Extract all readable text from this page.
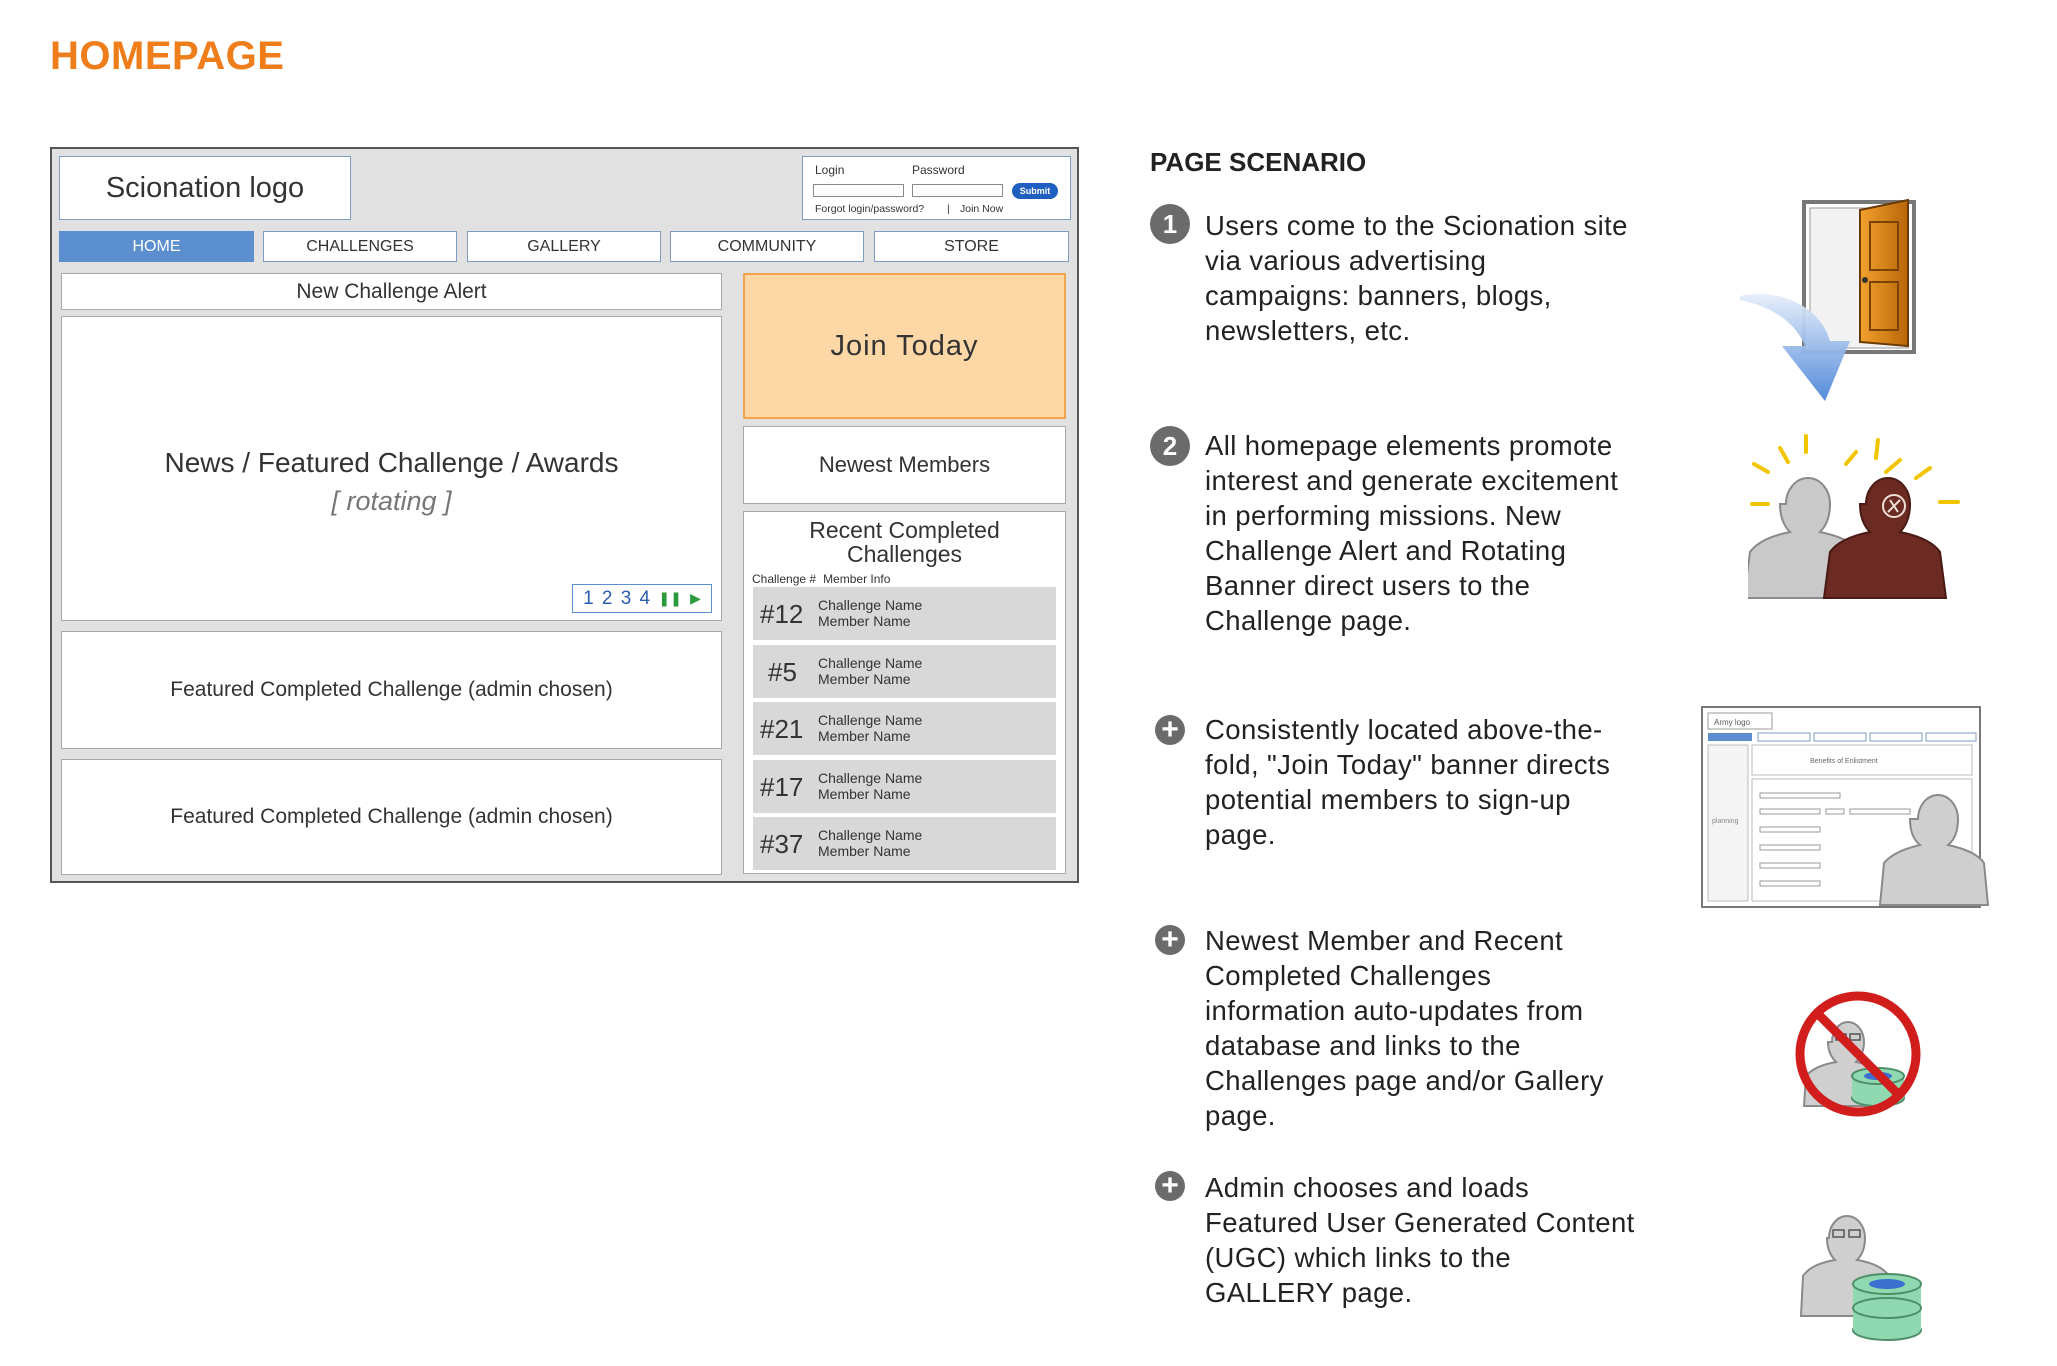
HOMEPAGE
Scionation logo
Login	Password
Submit
Forgot login/password? | Join Now
HOME	CHALLENGES	GALLERY	COMMUNITY	STORE
New Challenge Alert
News / Featured Challenge / Awards
[ rotating ]
1 2 3 4 ❚❚ ▶
Featured Completed Challenge (admin chosen)
Featured Completed Challenge (admin chosen)
Join Today
Newest Members
Recent Completed
Challenges
Challenge # Member Info
#12 Challenge Name
Member Name
#5 Challenge Name
Member Name
#21 Challenge Name
Member Name
#17 Challenge Name
Member Name
#37 Challenge Name
Member Name
PAGE SCENARIO
1	Users come to the Scionation site via various advertising campaigns: banners, blogs, newsletters, etc.
2	All homepage elements promote interest and generate excitement in performing missions. New Challenge Alert and Rotating Banner direct users to the Challenge page.
+ Consistently located above-the-fold, "Join Today" banner directs potential members to sign-up page.
+ Newest Member and Recent Completed Challenges information auto-updates from database and links to the Challenges page and/or Gallery page.
+ Admin chooses and loads Featured User Generated Content (UGC) which links to the GALLERY page.
Army logo
planning
Benefits of Enlistment
